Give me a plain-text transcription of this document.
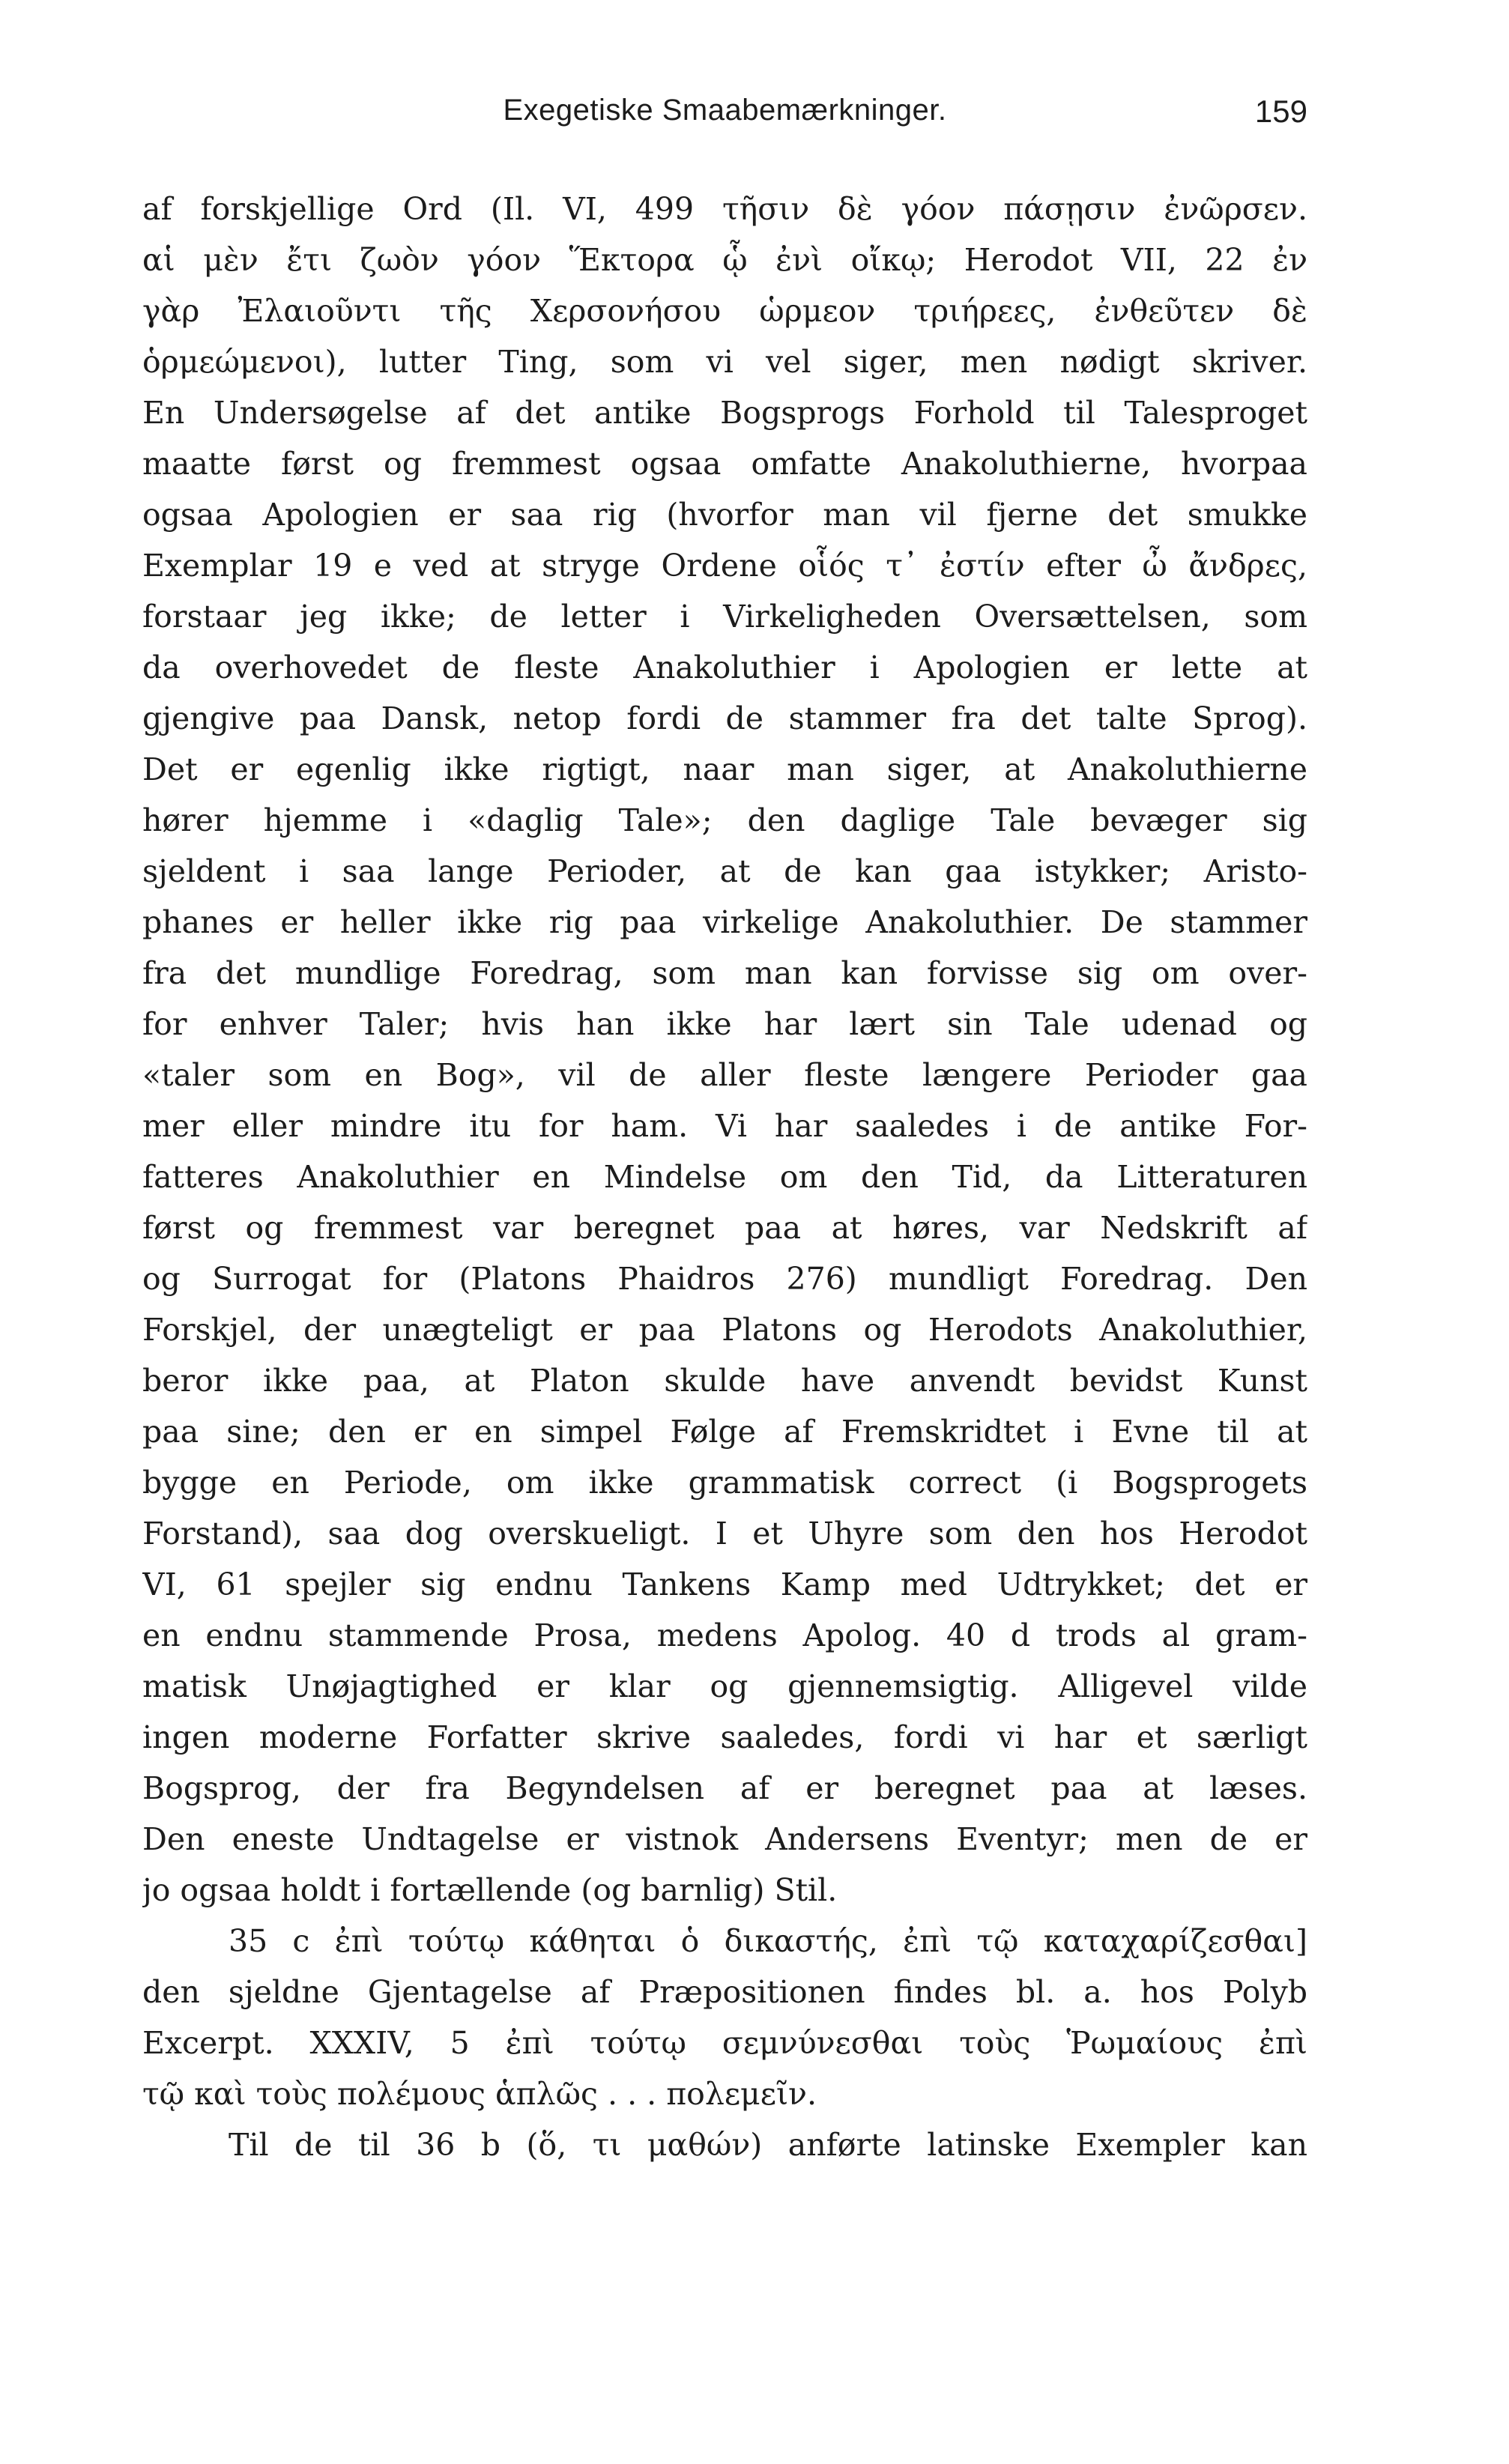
Exegetiske Smaabemærkninger.	159
af forskjellige Ord (Il. VI, 499 τῆσιν δὲ γόον πάσῃσιν ἐνῶρσεν.
αἱ μὲν ἔτι ζωὸν γόον Ἕκτορα ᾧ ἐνὶ οἴκῳ; Herodot VII, 22 ἐν
γὰρ Ἐλαιοῦντι τῆς Χερσονήσου ὡρμεον τριήρεες, ἐνθεῦτεν δὲ
ὁρμεώμενοι), lutter Ting, som vi vel siger, men nødigt skriver.
En Undersøgelse af det antike Bogsprogs Forhold til Talesproget
maatte først og fremmest ogsaa omfatte Anakoluthierne, hvorpaa
ogsaa Apologien er saa rig (hvorfor man vil fjerne det smukke
Exemplar 19 e ved at stryge Ordene οἷός τ᾽ ἐστίν efter ὦ ἄνδρες,
forstaar jeg ikke; de letter i Virkeligheden Oversættelsen, som
da overhovedet de fleste Anakoluthier i Apologien er lette at
gjengive paa Dansk, netop fordi de stammer fra det talte Sprog).
Det er egenlig ikke rigtigt, naar man siger, at Anakoluthierne
hører hjemme i «daglig Tale»; den daglige Tale bevæger sig
sjeldent i saa lange Perioder, at de kan gaa istykker; Aristo-
phanes er heller ikke rig paa virkelige Anakoluthier. De stammer
fra det mundlige Foredrag, som man kan forvisse sig om over-
for enhver Taler; hvis han ikke har lært sin Tale udenad og
«taler som en Bog», vil de aller fleste længere Perioder gaa
mer eller mindre itu for ham. Vi har saaledes i de antike For-
fatteres Anakoluthier en Mindelse om den Tid, da Litteraturen
først og fremmest var beregnet paa at høres, var Nedskrift af
og Surrogat for (Platons Phaidros 276) mundligt Foredrag. Den
Forskjel, der unægteligt er paa Platons og Herodots Anakoluthier,
beror ikke paa, at Platon skulde have anvendt bevidst Kunst
paa sine; den er en simpel Følge af Fremskridtet i Evne til at
bygge en Periode, om ikke grammatisk correct (i Bogsprogets
Forstand), saa dog overskueligt. I et Uhyre som den hos Herodot
VI, 61 spejler sig endnu Tankens Kamp med Udtrykket; det er
en endnu stammende Prosa, medens Apolog. 40 d trods al gram-
matisk Unøjagtighed er klar og gjennemsigtig. Alligevel vilde
ingen moderne Forfatter skrive saaledes, fordi vi har et særligt
Bogsprog, der fra Begyndelsen af er beregnet paa at læses.
Den eneste Undtagelse er vistnok Andersens Eventyr; men de er
jo ogsaa holdt i fortællende (og barnlig) Stil.
35 c ἐπὶ τούτῳ κάθηται ὁ δικαστής, ἐπὶ τῷ καταχαρίζεσθαι]
den sjeldne Gjentagelse af Præpositionen findes bl. a. hos Polyb
Excerpt. XXXIV, 5 ἐπὶ τούτῳ σεμνύνεσθαι τοὺς Ῥωμαίους ἐπὶ
τῷ καὶ τοὺς πολέμους ἁπλῶς . . . πολεμεῖν.
Til de til 36 b (ὅ, τι μαθών) anførte latinske Exempler kan
